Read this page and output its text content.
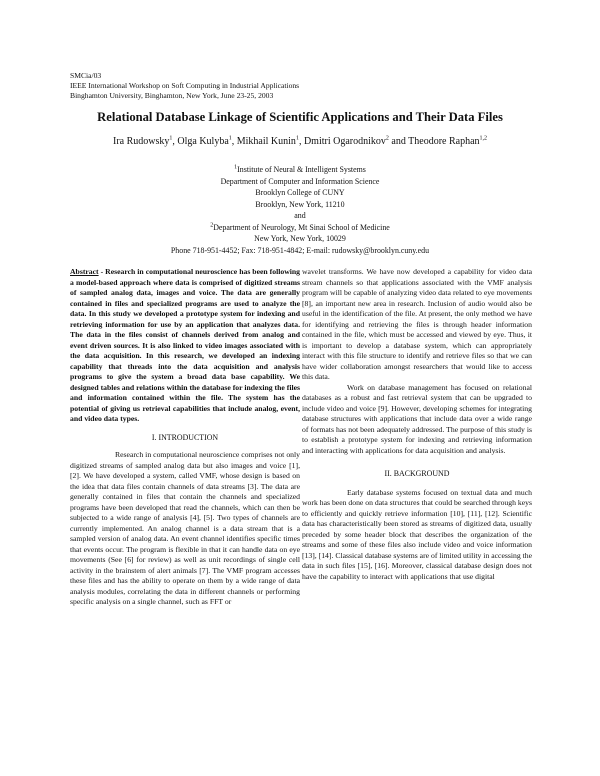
SMCia/03
IEEE International Workshop on Soft Computing in Industrial Applications
Binghamton University, Binghamton, New York, June 23-25, 2003
Relational Database Linkage of Scientific Applications and Their Data Files
Ira Rudowsky$^1$, Olga Kulyba$^1$, Mikhail Kunin$^1$, Dmitri Ogarodnikov$^2$ and Theodore Raphan$^{1,2}$
$^1$Institute of Neural & Intelligent Systems
Department of Computer and Information Science
Brooklyn College of CUNY
Brooklyn, New York, 11210
and
$^2$Department of Neurology, Mt Sinai School of Medicine
New York, New York, 10029
Phone 718-951-4452; Fax: 718-951-4842; E-mail: rudowsky@brooklyn.cuny.edu

Abstract - Research in computational neuroscience has been following a model-based approach where data is comprised of digitized streams of sampled analog data, images and voice. The data are generally contained in files and specialized programs are used to analyze the data. In this study we developed a prototype system for indexing and retrieving information for use by an application that analyzes data. The data in the files consist of channels derived from analog and event driven sources. It is also linked to video images associated with the data acquisition. In this research, we developed an indexing capability that threads into the data acquisition and analysis programs to give the system a broad data base capability. We designed tables and relations within the database for indexing the files and information contained within the file. The system has the potential of giving us retrieval capabilities that include analog, event, and video data types.

I. INTRODUCTION

Research in computational neuroscience comprises not only digitized streams of sampled analog data but also images and voice [1], [2]. We have developed a system, called VMF, whose design is based on the idea that data files contain channels of data streams [3]. The data are generally contained in files that contain the channels and specialized programs have been developed that read the channels, which can then be subjected to a wide range of analysis [4], [5]. Two types of channels are currently implemented. An analog channel is a data stream that is a sampled version of analog data. An event channel identifies specific times that events occur. The program is flexible in that it can handle data on eye movements (See [6] for review) as well as unit recordings of single cell activity in the brainstem of alert animals [7]. The VMF program accesses these files and has the ability to operate on them by a wide range of data analysis modules, correlating the data in different channels or performing specific analysis on a single channel, such as FFT or

wavelet transforms. We have now developed a capability for video data stream channels so that applications associated with the VMF analysis program will be capable of analyzing video data related to eye movements [8], an important new area in research. Inclusion of audio would also be useful in the identification of the file. At present, the only method we have for identifying and retrieving the files is through header information contained in the file, which must be accessed and viewed by eye. Thus, it is important to develop a database system, which can appropriately interact with this file structure to identify and retrieve files so that we can have wider collaboration amongst researchers that would like to access this data.

Work on database management has focused on relational databases as a robust and fast retrieval system that can be upgraded to include video and voice [9]. However, developing schemes for integrating database structures with applications that include data over a wide range of formats has not been adequately addressed. The purpose of this study is to establish a prototype system for indexing and retrieving information and interacting with applications for data acquisition and analysis.

II. BACKGROUND

Early database systems focused on textual data and much work has been done on data structures that could be searched through keys to efficiently and quickly retrieve information [10], [11], [12]. Scientific data has characteristically been stored as streams of digitized data, usually preceded by some header block that describes the organization of the streams and some of these files also include video and voice information [13], [14]. Classical database systems are of limited utility in accessing the data in such files [15], [16]. Moreover, classical database design does not have the capability to interact with applications that use digital
